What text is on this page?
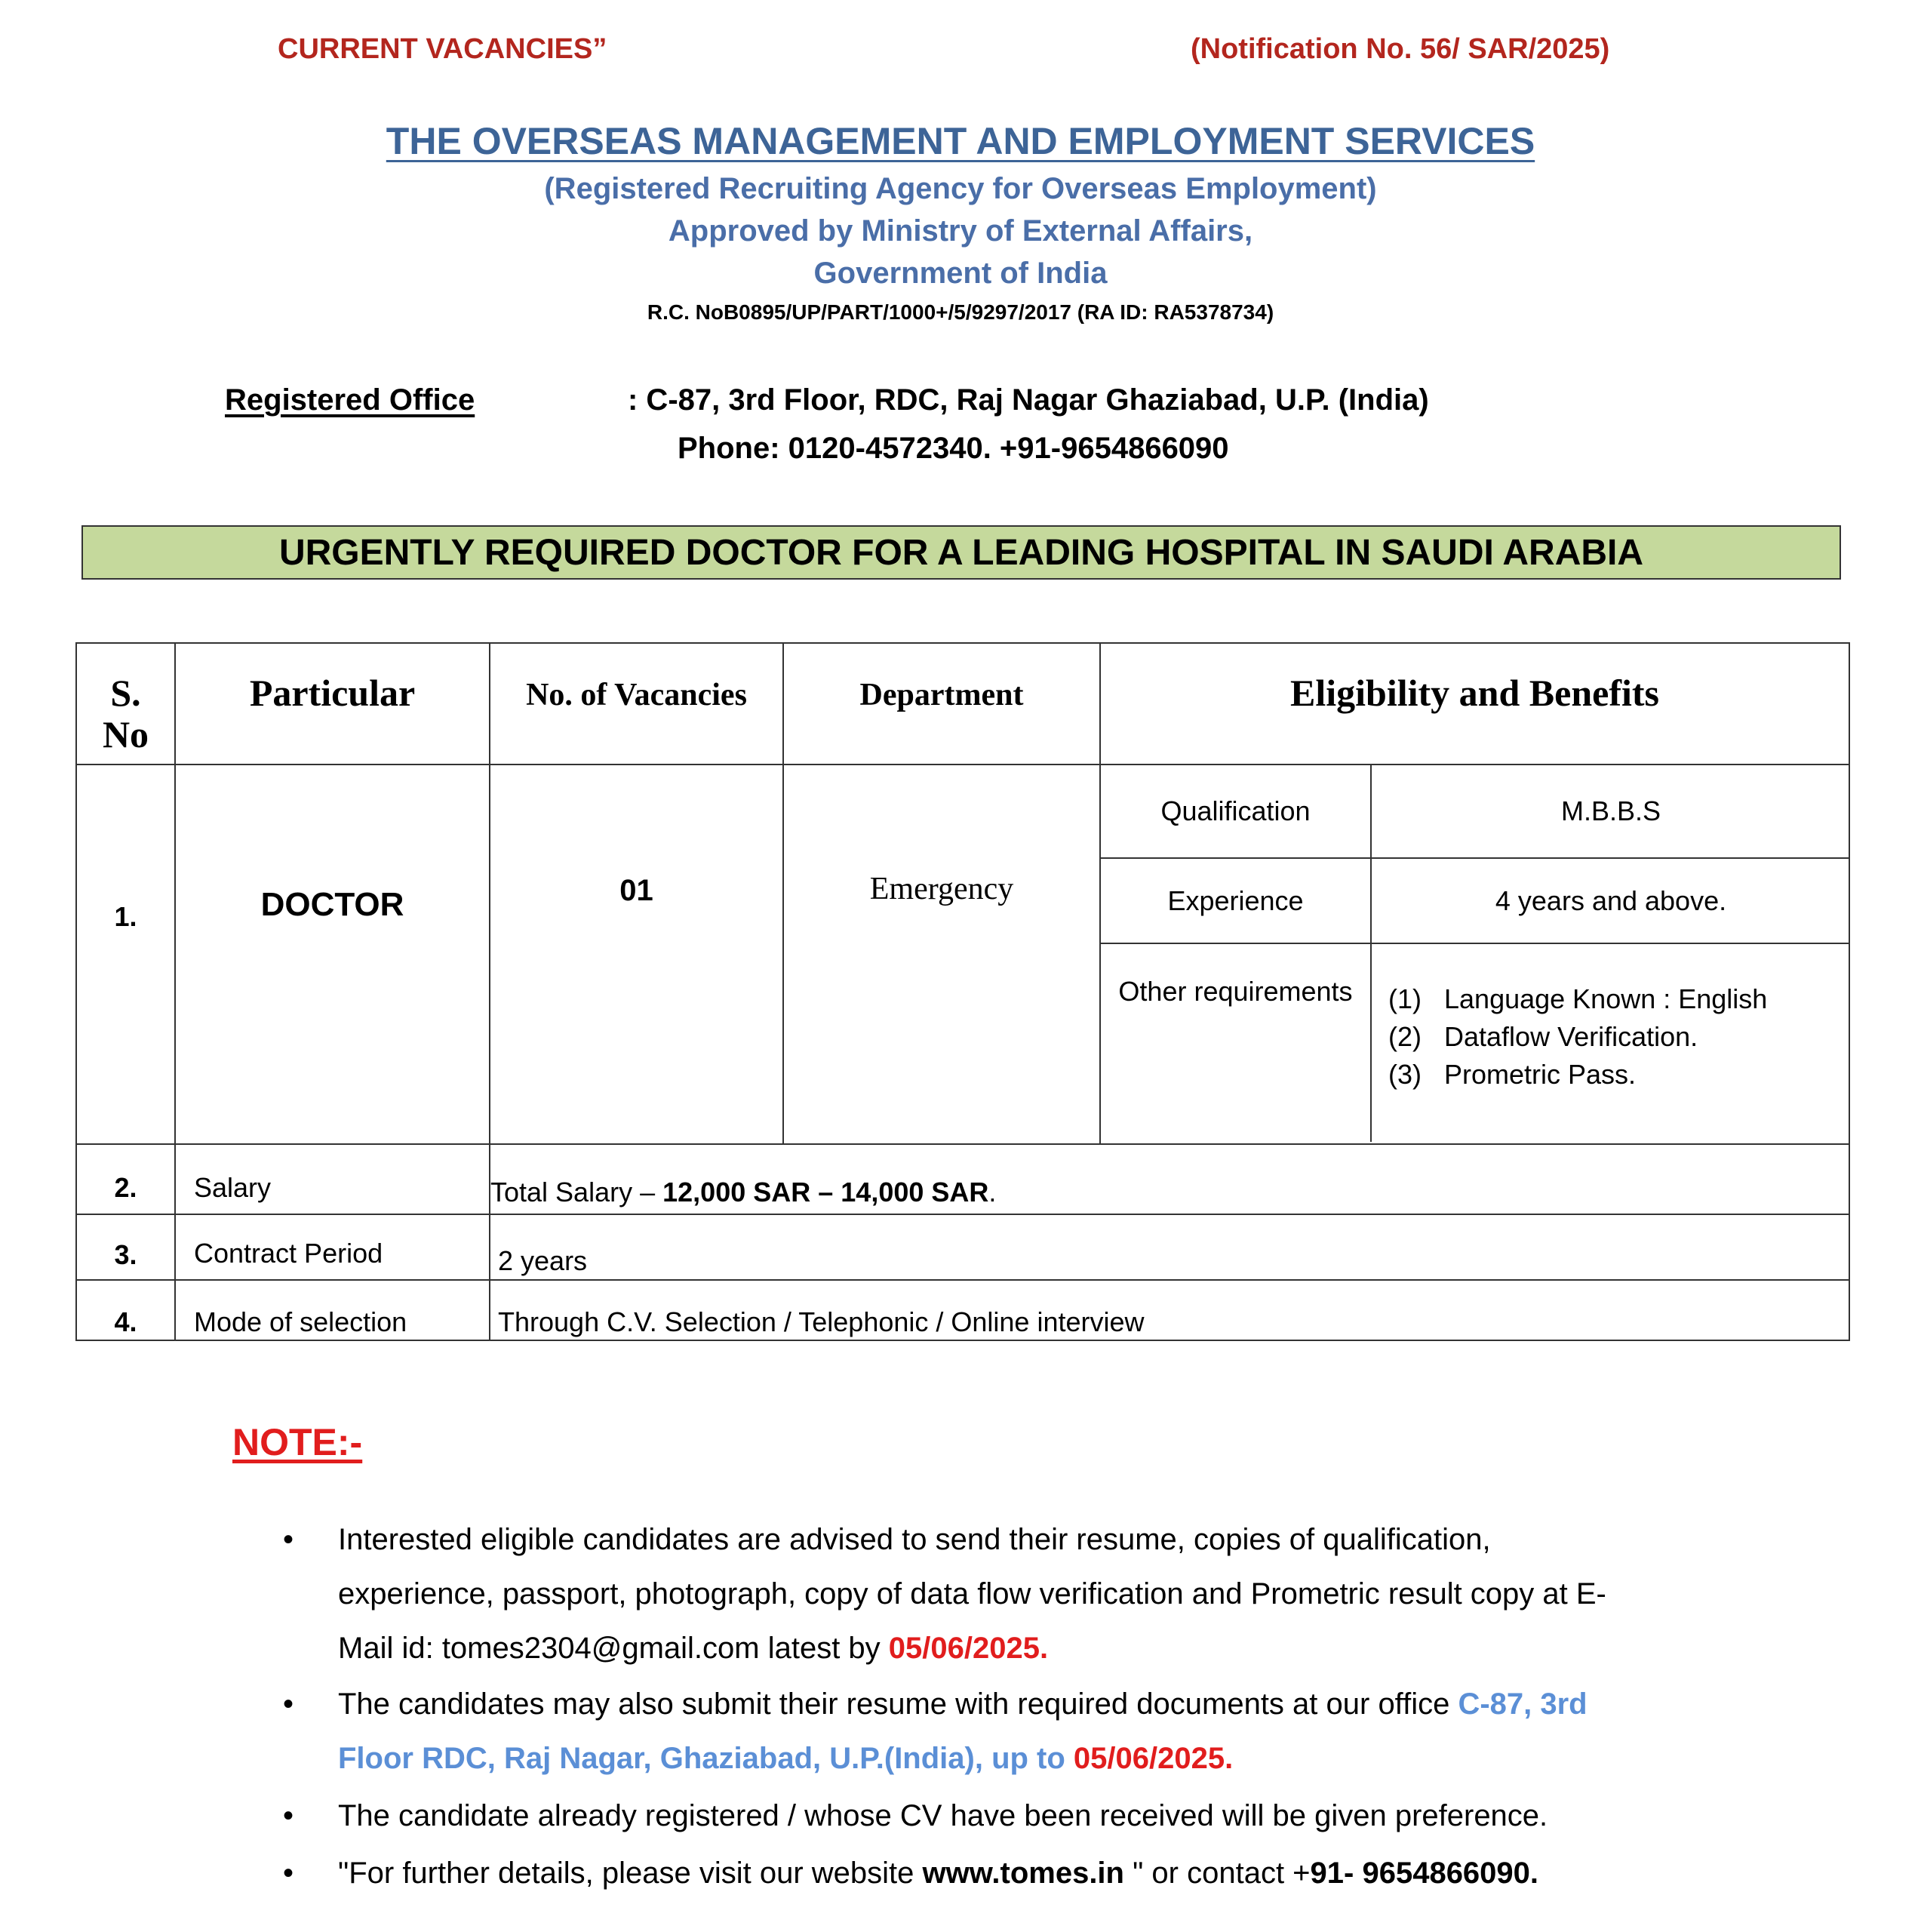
CURRENT VACANCIES”	(Notification No. 56/ SAR/2025)
THE OVERSEAS MANAGEMENT AND EMPLOYMENT SERVICES
(Registered Recruiting Agency for Overseas Employment)
Approved by Ministry of External Affairs,
Government of India
R.C. NoB0895/UP/PART/1000+/5/9297/2017 (RA ID: RA5378734)
Registered Office	: C-87, 3rd Floor, RDC, Raj Nagar Ghaziabad, U.P. (India)
Phone: 0120-4572340. +91-9654866090
URGENTLY REQUIRED DOCTOR FOR A LEADING HOSPITAL IN SAUDI ARABIA
S.
No
	Particular	No. of Vacancies	Department	Eligibility and Benefits
1.	DOCTOR	01	Emergency	
Qualification	M.B.B.S
Experience	4 years and above.
Other requirements	(1) Language Known : English
(2) Dataflow Verification.
(3) Prometric Pass.

2.	Salary	Total Salary – 12,000 SAR – 14,000 SAR.
3.	Contract Period	2 years
4.	Mode of selection	Through C.V. Selection / Telephonic / Online interview
NOTE:-
• Interested eligible candidates are advised to send their resume, copies of qualification,
experience, passport, photograph, copy of data flow verification and Prometric result copy at E-
Mail id: tomes2304@gmail.com latest by 05/06/2025.
• The candidates may also submit their resume with required documents at our office C-87, 3rd
Floor RDC, Raj Nagar, Ghaziabad, U.P.(India), up to 05/06/2025.
• The candidate already registered / whose CV have been received will be given preference.
• "For further details, please visit our website www.tomes.in " or contact +91- 9654866090.
